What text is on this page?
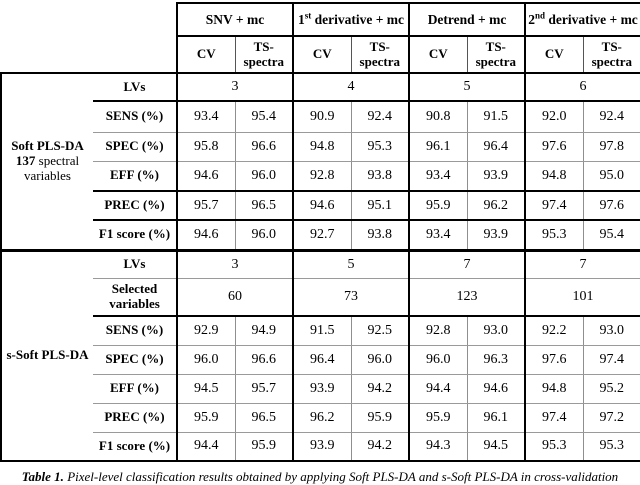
		SNV + mc		1st derivative + mc		Detrend + mc		2nd derivative + mc	
		CV	TS-spectra	CV	TS-spectra	CV	TS-spectra	CV	TS-spectra

Soft PLS-DA
137 spectral variables	LVs	3		4		5		6	
	SENS (%)	93.4	95.4	90.9	92.4	90.8	91.5	92.0	92.4
	SPEC (%)	95.8	96.6	94.8	95.3	96.1	96.4	97.6	97.8
	EFF (%)	94.6	96.0	92.8	93.8	93.4	93.9	94.8	95.0
	PREC (%)	95.7	96.5	94.6	95.1	95.9	96.2	97.4	97.6
	F1 score (%)	94.6	96.0	92.7	93.8	93.4	93.9	95.3	95.4
s-Soft PLS-DA	LVs	3		5		7		7	
	Selected variables	60		73		123		101	
	SENS (%)	92.9	94.9	91.5	92.5	92.8	93.0	92.2	93.0
	SPEC (%)	96.0	96.6	96.4	96.0	96.0	96.3	97.6	97.4
	EFF (%)	94.5	95.7	93.9	94.2	94.4	94.6	94.8	95.2
	PREC (%)	95.9	96.5	96.2	95.9	95.9	96.1	97.4	97.2
	F1 score (%)	94.4	95.9	93.9	94.2	94.3	94.5	95.3	95.3
Table 1. Pixel-level classification results obtained by applying Soft PLS-DA and s-Soft PLS-DA in cross-validation
